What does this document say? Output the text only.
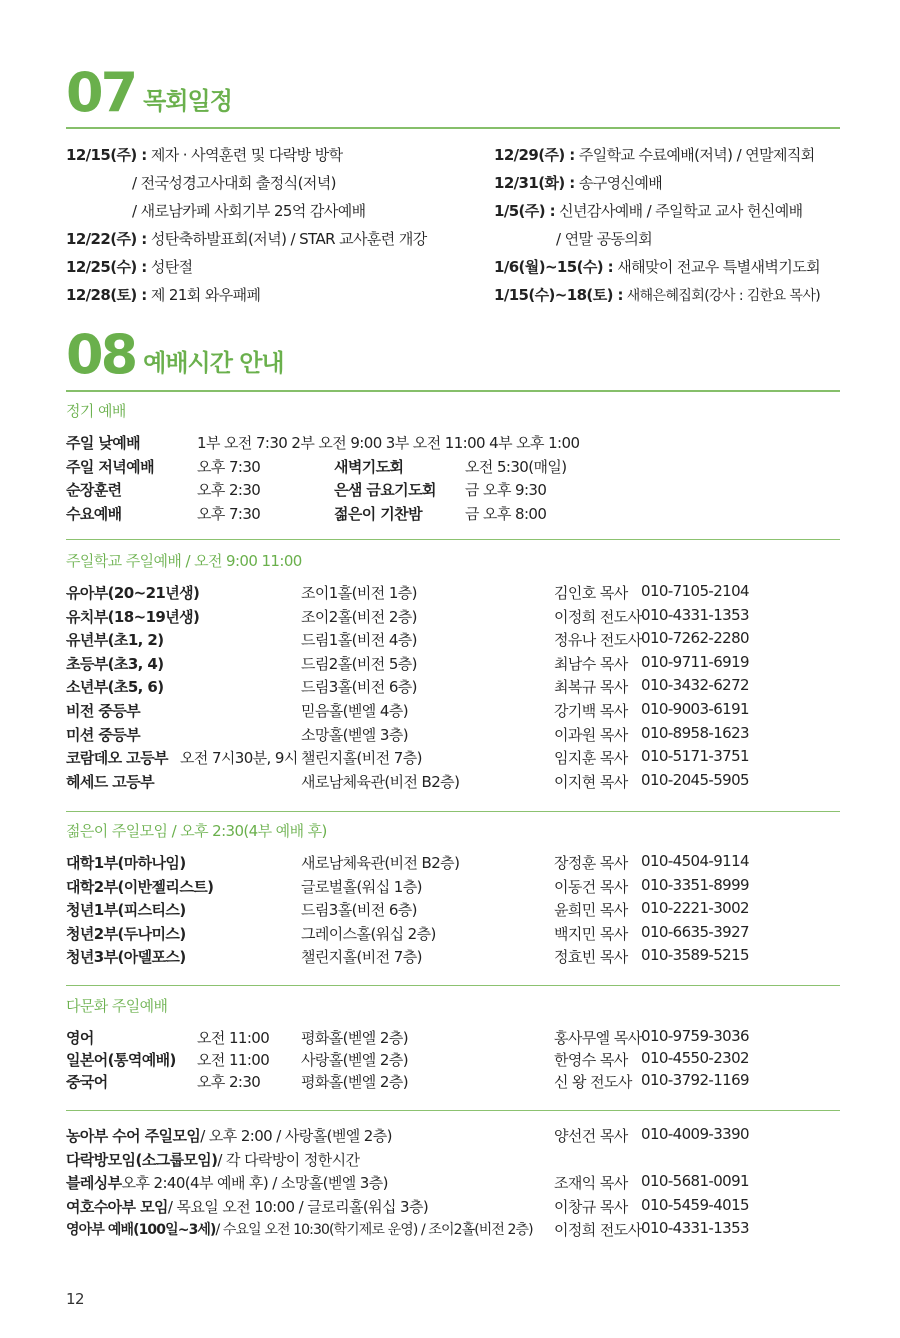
07 목회일정
12/15(주) : 제자 · 사역훈련 및 다락방 방학
/ 전국성경고사대회 출정식(저녁)
/ 새로남카페 사회기부 25억 감사예배
12/22(주) : 성탄축하발표회(저녁) / STAR 교사훈련 개강
12/25(수) : 성탄절
12/28(토) : 제 21회 와우패페
12/29(주) : 주일학교 수료예배(저녁) / 연말제직회
12/31(화) : 송구영신예배
1/5(주) : 신년감사예배 / 주일학교 교사 헌신예배
/ 연말 공동의회
1/6(월)~15(수) : 새해맞이 전교우 특별새벽기도회
1/15(수)~18(토) : 새해은혜집회(강사 : 김한요 목사)
08 예배시간 안내
정기 예배
주일 낮예배	1부 오전 7:30 2부 오전 9:00 3부 오전 11:00 4부 오후 1:00
주일 저녁예배	오후 7:30	새벽기도회	오전 5:30(매일)
순장훈련	오후 2:30	은샘 금요기도회 금 오후 9:30
수요예배	오후 7:30	젊은이 기찬밤	금 오후 8:00
주일학교 주일예배 / 오전 9:00 11:00
유아부(20~21년생)	조이1홀(비전 1층)	김인호 목사 010-7105-2104
유치부(18~19년생)	조이2홀(비전 2층)	이정희 전도사 010-4331-1353
유년부(초1, 2)	드림1홀(비전 4층)	정유나 전도사 010-7262-2280
초등부(초3, 4)	드림2홀(비전 5층)	최남수 목사 010-9711-6919
소년부(초5, 6)	드림3홀(비전 6층)	최복규 목사 010-3432-6272
비전 중등부	믿음홀(벧엘 4층)	강기백 목사 010-9003-6191
미션 중등부	소망홀(벧엘 3층)	이과원 목사 010-8958-1623
코람데오 고등부 오전 7시30분, 9시 챌린지홀(비전 7층)	임지훈 목사 010-5171-3751
헤세드 고등부	새로남체육관(비전 B2층)	이지현 목사 010-2045-5905
젊은이 주일모임 / 오후 2:30(4부 예배 후)
대학1부(마하나임)	새로남체육관(비전 B2층)	장정훈 목사 010-4504-9114
대학2부(이반젤리스트)	글로벌홀(워십 1층)	이동건 목사 010-3351-8999
청년1부(피스티스)	드림3홀(비전 6층)	윤희민 목사 010-2221-3002
청년2부(두나미스)	그레이스홀(워십 2층)	백지민 목사 010-6635-3927
청년3부(아델포스)	챌린지홀(비전 7층)	정효빈 목사 010-3589-5215
다문화 주일예배
영어	오전 11:00 평화홀(벧엘 2층)	홍사무엘 목사 010-9759-3036
일본어(통역예배) 오전 11:00 사랑홀(벧엘 2층)	한영수 목사 010-4550-2302
중국어	오후 2:30	평화홀(벧엘 2층)	신 왕 전도사 010-3792-1169
농아부 수어 주일모임 / 오후 2:00 / 사랑홀(벧엘 2층)	양선건 목사 010-4009-3390
다락방모임(소그룹모임) / 각 다락방이 정한시간
블레싱부 오후 2:40(4부 예배 후) / 소망홀(벧엘 3층)	조재익 목사 010-5681-0091
여호수아부 모임 / 목요일 오전 10:00 / 글로리홀(워십 3층)	이창규 목사 010-5459-4015
영아부 예배(100일~3세) / 수요일 오전 10:30(학기제로 운영) / 조이2홀(비전 2층) 이정희 전도사 010-4331-1353
12
